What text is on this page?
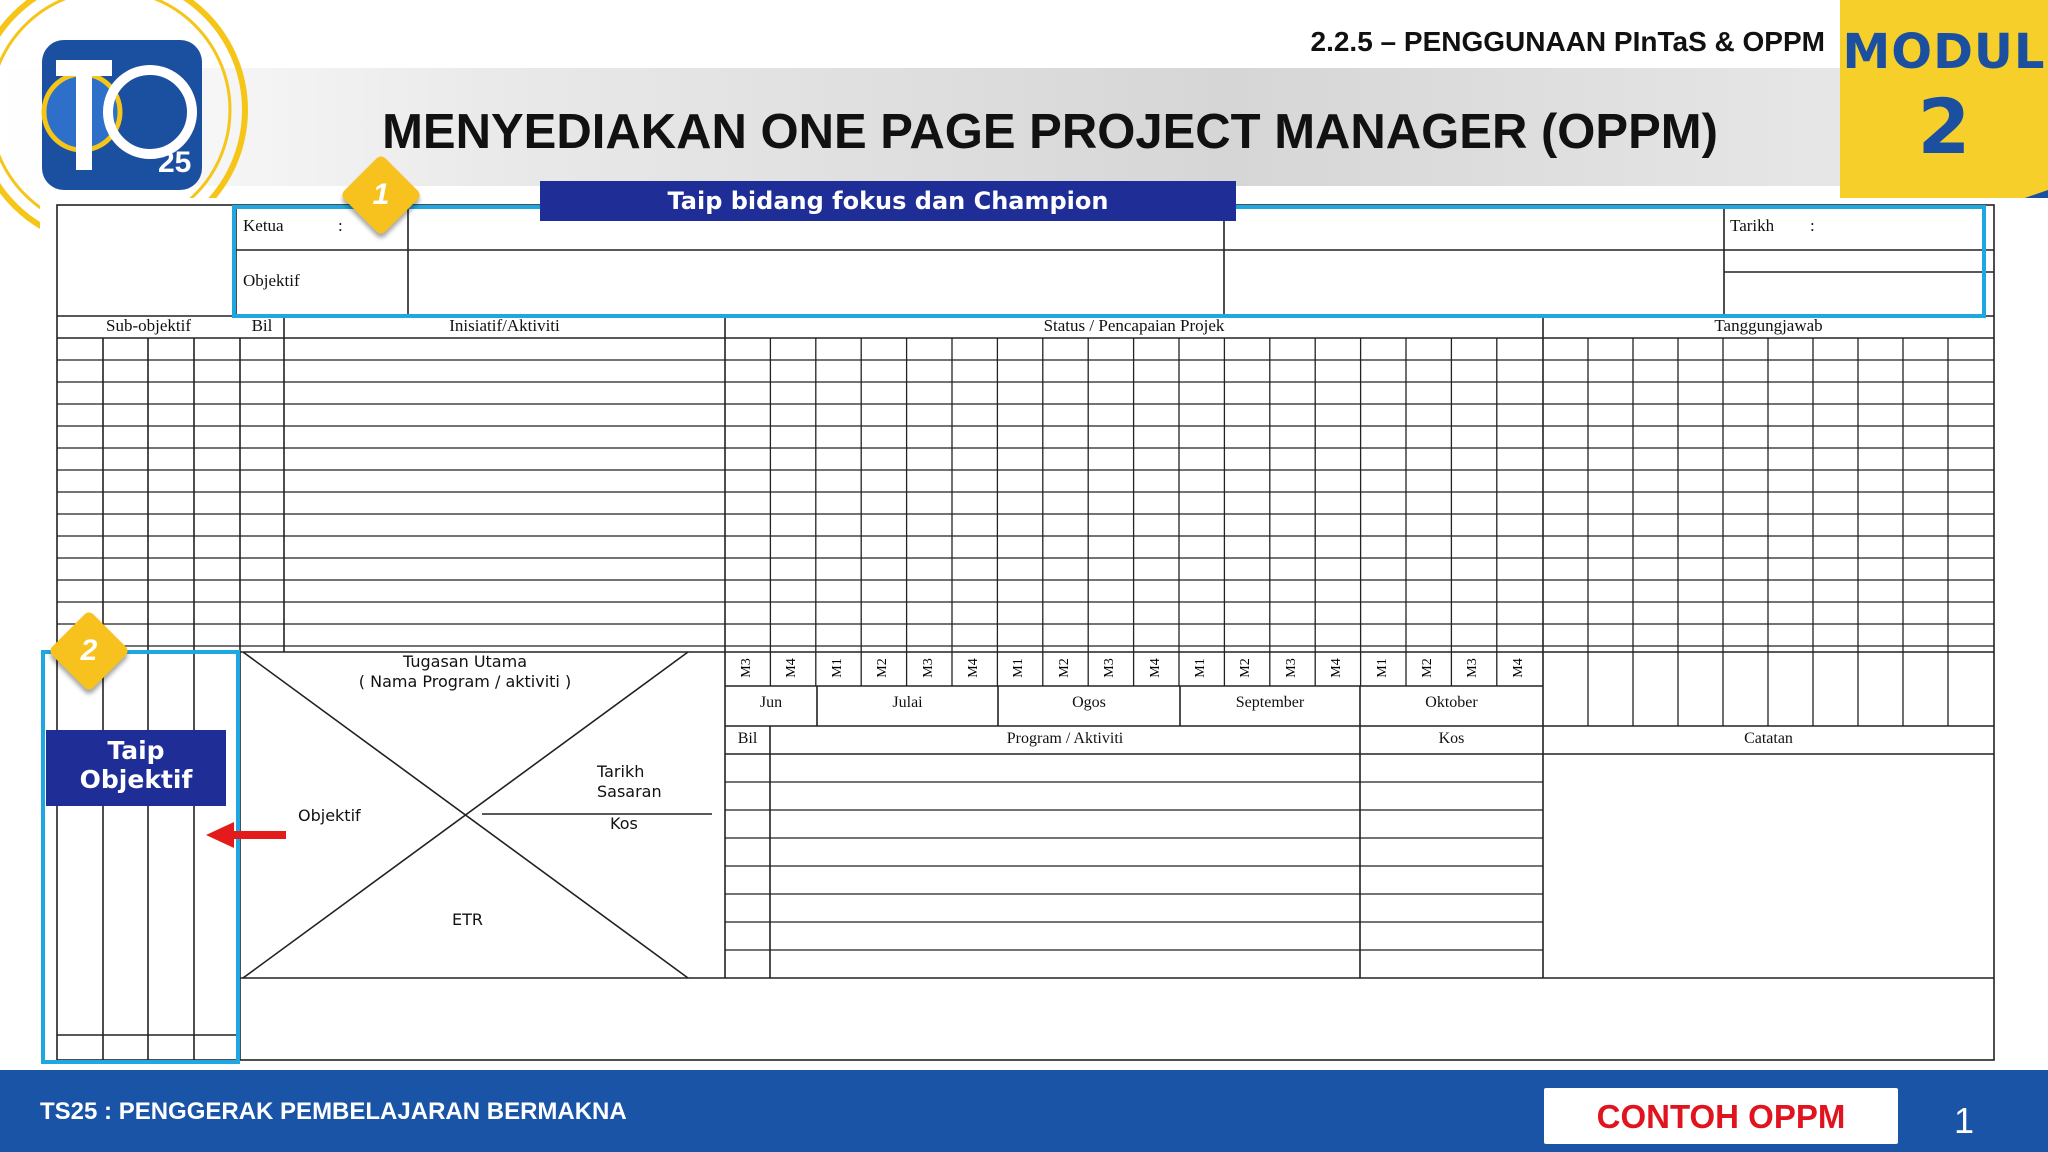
25
MODUL
2
2.2.5 – PENGGUNAAN PInTaS & OPPM
MENYEDIAKAN ONE PAGE PROJECT MANAGER (OPPM)
Ketua	:	Tarikh :
Objektif
Sub-objektif	Bil	Inisiatif/Aktiviti	Status / Pencapaian Projek	Tanggungjawab
Tugasan Utama
( Nama Program / aktiviti )
Objektif
Tarikh
Sasaran
Kos
ETR
M3 M4 M1 M2 M3 M4 M1 M2 M3 M4 M1 M2 M3 M4 M1 M2 M3 M4
Jun	Julai	Ogos	September	Oktober
Bil	Program / Aktiviti	Kos	Catatan
Taip bidang fokus dan Champion
1
2
Taip
Objektif
TS25 : PENGGERAK PEMBELAJARAN BERMAKNA	CONTOH OPPM	1
